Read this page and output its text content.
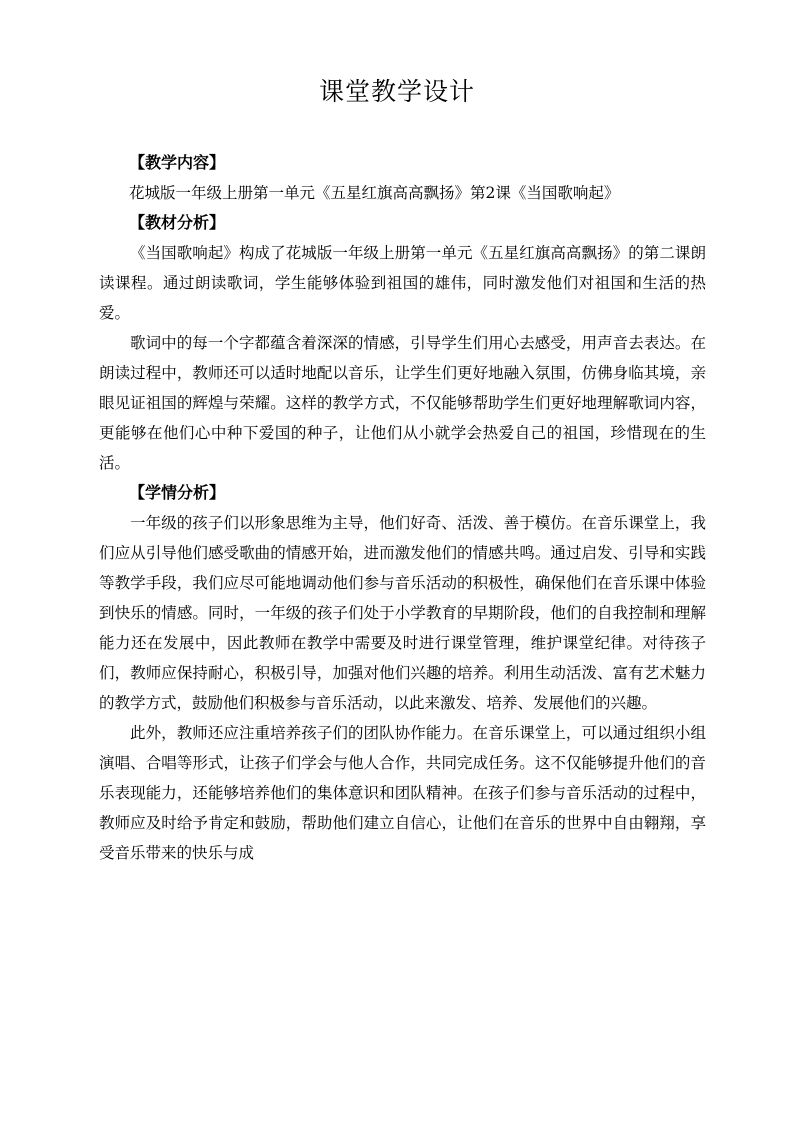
课堂教学设计

【教学内容】

花城版一年级上册第一单元《五星红旗高高飘扬》第2课《当国歌响起》

【教材分析】

《当国歌响起》构成了花城版一年级上册第一单元《五星红旗高高飘扬》的第二课朗读课程。通过朗读歌词，学生能够体验到祖国的雄伟，同时激发他们对祖国和生活的热爱。

歌词中的每一个字都蕴含着深深的情感，引导学生们用心去感受，用声音去表达。在朗读过程中，教师还可以适时地配以音乐，让学生们更好地融入氛围，仿佛身临其境，亲眼见证祖国的辉煌与荣耀。这样的教学方式，不仅能够帮助学生们更好地理解歌词内容，更能够在他们心中种下爱国的种子，让他们从小就学会热爱自己的祖国，珍惜现在的生活。

【学情分析】

一年级的孩子们以形象思维为主导，他们好奇、活泼、善于模仿。在音乐课堂上，我们应从引导他们感受歌曲的情感开始，进而激发他们的情感共鸣。通过启发、引导和实践等教学手段，我们应尽可能地调动他们参与音乐活动的积极性，确保他们在音乐课中体验到快乐的情感。同时，一年级的孩子们处于小学教育的早期阶段，他们的自我控制和理解能力还在发展中，因此教师在教学中需要及时进行课堂管理，维护课堂纪律。对待孩子们，教师应保持耐心，积极引导，加强对他们兴趣的培养。利用生动活泼、富有艺术魅力的教学方式，鼓励他们积极参与音乐活动，以此来激发、培养、发展他们的兴趣。

此外，教师还应注重培养孩子们的团队协作能力。在音乐课堂上，可以通过组织小组演唱、合唱等形式，让孩子们学会与他人合作，共同完成任务。这不仅能够提升他们的音乐表现能力，还能够培养他们的集体意识和团队精神。在孩子们参与音乐活动的过程中，教师应及时给予肯定和鼓励，帮助他们建立自信心，让他们在音乐的世界中自由翱翔，享受音乐带来的快乐与成
